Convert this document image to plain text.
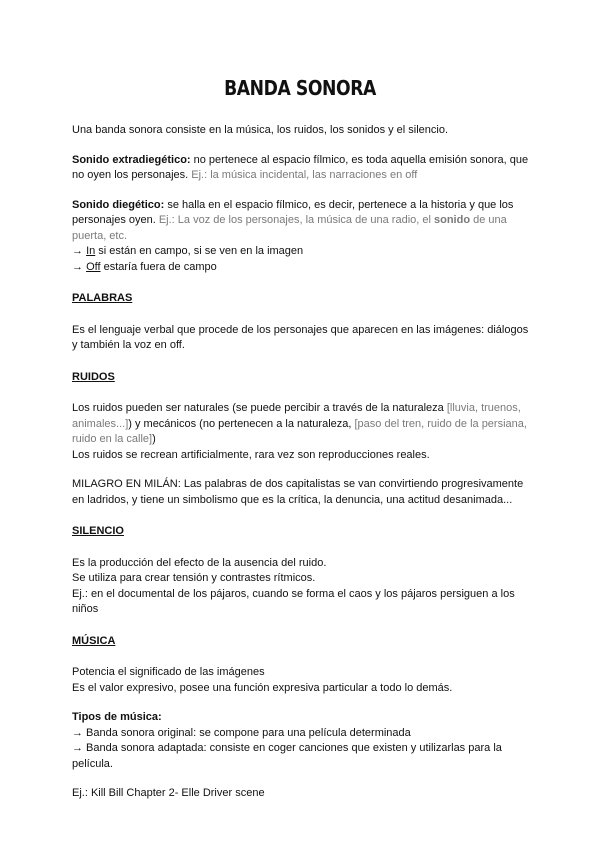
BANDA SONORA

Una banda sonora consiste en la música, los ruidos, los sonidos y el silencio.

Sonido extradiegético: no pertenece al espacio fílmico, es toda aquella emisión sonora, que no oyen los personajes. Ej.: la música incidental, las narraciones en off

Sonido diegético: se halla en el espacio fílmico, es decir, pertenece a la historia y que los personajes oyen. Ej.: La voz de los personajes, la música de una radio, el sonido de una puerta, etc.

→ In si están en campo, si se ven en la imagen

→ Off estaría fuera de campo

PALABRAS

Es el lenguaje verbal que procede de los personajes que aparecen en las imágenes: diálogos y también la voz en off.

RUIDOS

Los ruidos pueden ser naturales (se puede percibir a través de la naturaleza [lluvia, truenos, animales...]) y mecánicos (no pertenecen a la naturaleza, [paso del tren, ruido de la persiana, ruido en la calle])

Los ruidos se recrean artificialmente, rara vez son reproducciones reales.

MILAGRO EN MILÁN: Las palabras de dos capitalistas se van convirtiendo progresivamente en ladridos, y tiene un simbolismo que es la crítica, la denuncia, una actitud desanimada...

SILENCIO

Es la producción del efecto de la ausencia del ruido.

Se utiliza para crear tensión y contrastes rítmicos.

Ej.: en el documental de los pájaros, cuando se forma el caos y los pájaros persiguen a los niños

MÚSICA

Potencia el significado de las imágenes

Es el valor expresivo, posee una función expresiva particular a todo lo demás.

Tipos de música:

→ Banda sonora original: se compone para una película determinada

→ Banda sonora adaptada: consiste en coger canciones que existen y utilizarlas para la película.

Ej.: Kill Bill Chapter 2- Elle Driver scene
